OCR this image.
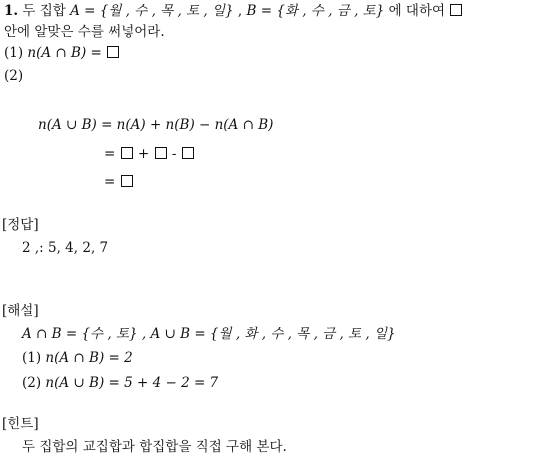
1. 두 집합 A = {월 , 수 , 목 , 토 , 일} , B = {화 , 수 , 금 , 토} 에 대하여
안에 알맞은 수를 써넣어라.
(1) n(A ∩ B) =
(2)
n(A ∪ B) = n(A) + n(B) − n(A ∩ B)
= + -
=
[정답]
2 ,: 5, 4, 2, 7
[해설]
A ∩ B = {수 , 토} , A ∪ B = {월 , 화 , 수 , 목 , 금 , 토 , 일}
(1) n(A ∩ B) = 2
(2) n(A ∪ B) = 5 + 4 − 2 = 7
[힌트]
두 집합의 교집합과 합집합을 직접 구해 본다.
